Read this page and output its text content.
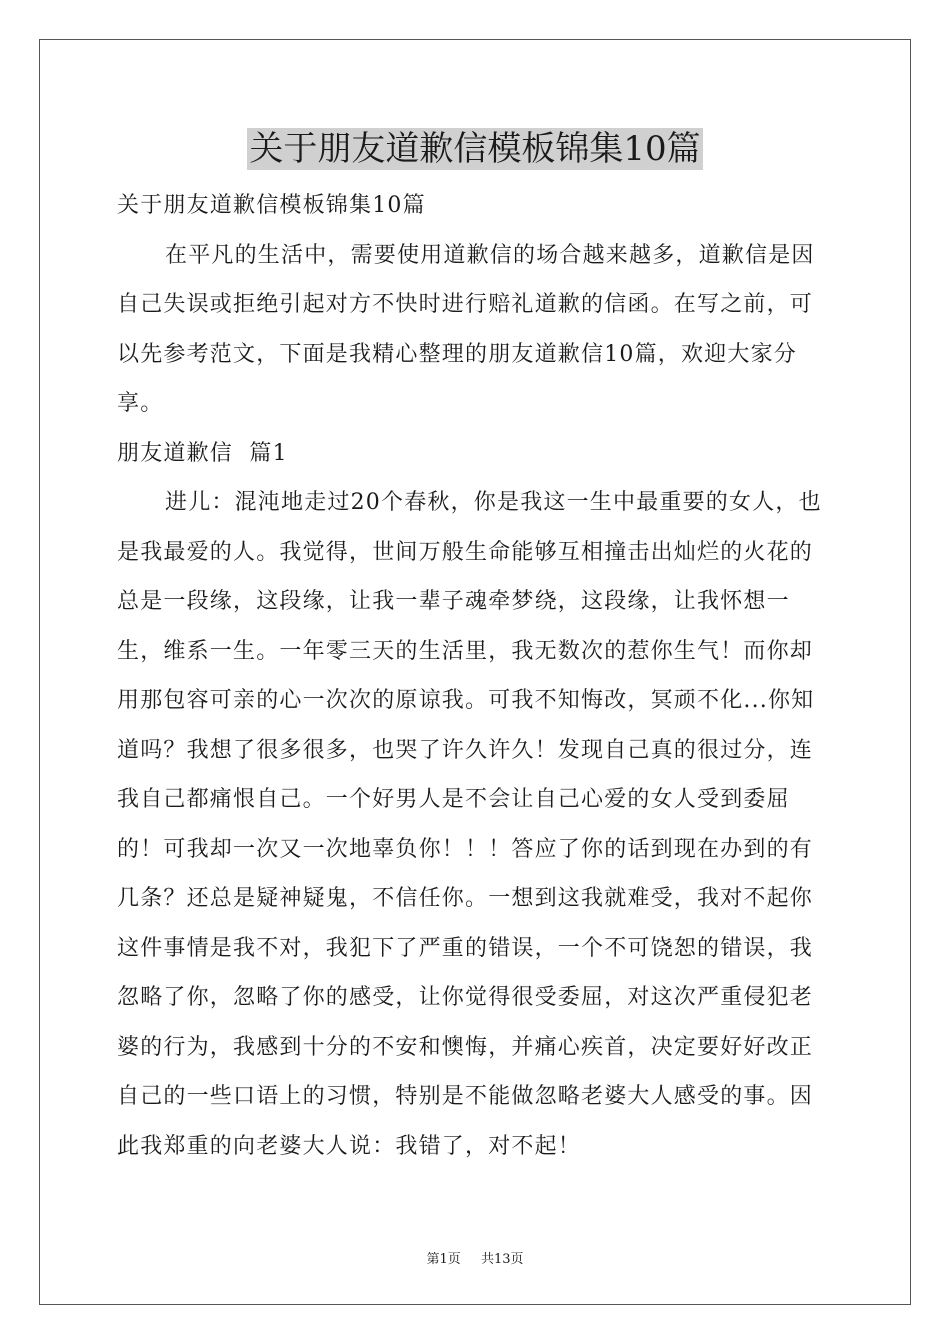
关于朋友道歉信模板锦集10篇

关于朋友道歉信模板锦集10篇

在平凡的生活中，需要使用道歉信的场合越来越多，道歉信是因自己失误或拒绝引起对方不快时进行赔礼道歉的信函。在写之前，可以先参考范文，下面是我精心整理的朋友道歉信10篇，欢迎大家分享。

朋友道歉信  篇1

进儿：混沌地走过20个春秋，你是我这一生中最重要的女人，也是我最爱的人。我觉得，世间万般生命能够互相撞击出灿烂的火花的总是一段缘，这段缘，让我一辈子魂牵梦绕，这段缘，让我怀想一生，维系一生。一年零三天的生活里，我无数次的惹你生气！而你却用那包容可亲的心一次次的原谅我。可我不知悔改，冥顽不化...你知道吗？我想了很多很多，也哭了许久许久！发现自己真的很过分，连我自己都痛恨自己。一个好男人是不会让自己心爱的女人受到委屈的！可我却一次又一次地辜负你！！！答应了你的话到现在办到的有几条？还总是疑神疑鬼，不信任你。一想到这我就难受，我对不起你这件事情是我不对，我犯下了严重的错误，一个不可饶恕的错误，我忽略了你，忽略了你的感受，让你觉得很受委屈，对这次严重侵犯老婆的行为，我感到十分的不安和懊悔，并痛心疾首，决定要好好改正自己的一些口语上的习惯，特别是不能做忽略老婆大人感受的事。因此我郑重的向老婆大人说：我错了，对不起！

第1页 共13页
